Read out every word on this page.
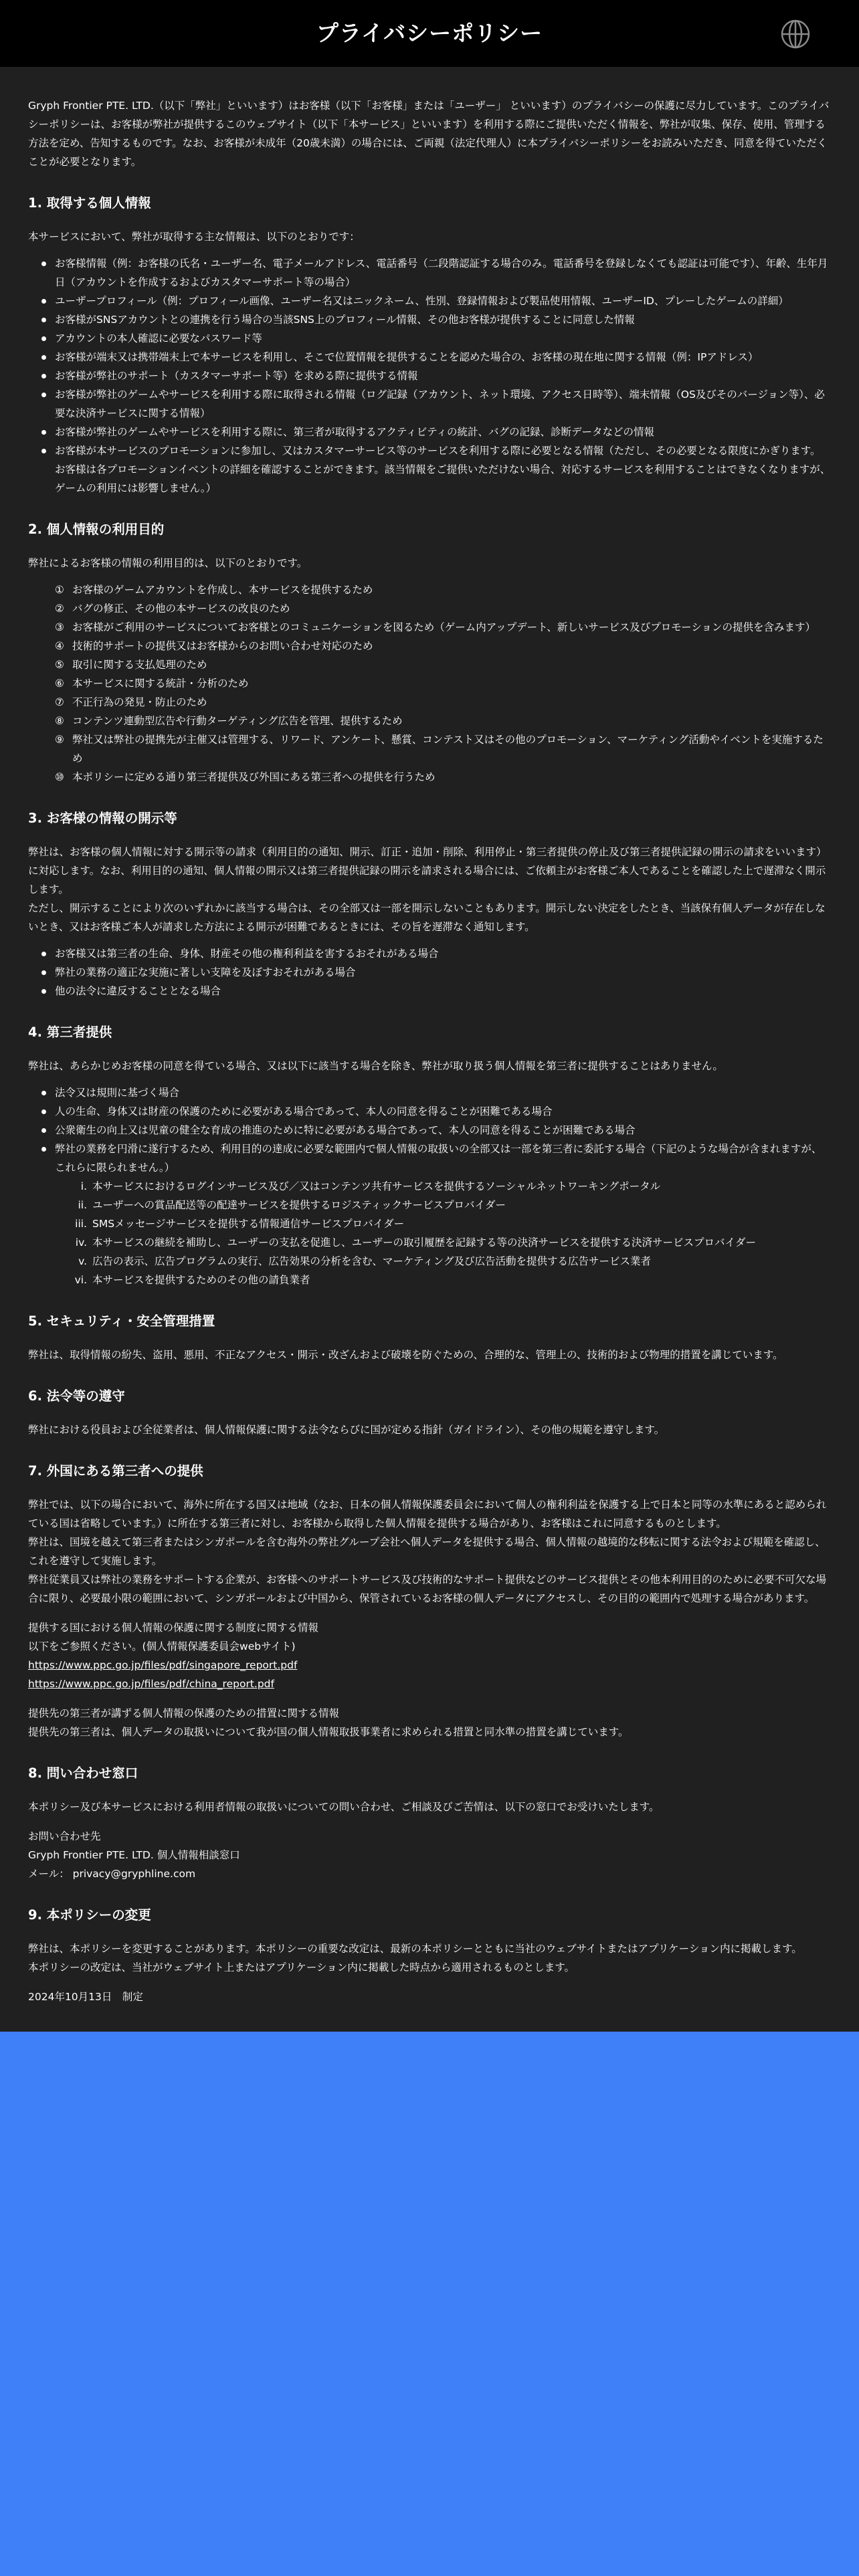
プライバシーポリシー

Gryph Frontier PTE. LTD.（以下「弊社」といいます）はお客様（以下「お客様」または「ユーザー」 といいます）のプライバシーの保護に尽力しています。このプライバシーポリシーは、お客様が弊社が提供するこのウェブサイト（以下「本サービス」といいます）を利用する際にご提供いただく情報を、弊社が収集、保存、使用、管理する方法を定め、告知するものです。なお、お客様が未成年（20歳未満）の場合には、ご両親（法定代理人）に本プライバシーポリシーをお読みいただき、同意を得ていただくことが必要となります。

1. 取得する個人情報

本サービスにおいて、弊社が取得する主な情報は、以下のとおりです：

お客様情報（例：お客様の氏名・ユーザー名、電子メールアドレス、電話番号（二段階認証する場合のみ。電話番号を登録しなくても認証は可能です）、年齢、生年月日（アカウントを作成するおよびカスタマーサポート等の場合）
ユーザープロフィール（例：プロフィール画像、ユーザー名又はニックネーム、性別、登録情報および製品使用情報、ユーザーID、プレーしたゲームの詳細）
お客様がSNSアカウントとの連携を行う場合の当該SNS上のプロフィール情報、その他お客様が提供することに同意した情報
アカウントの本人確認に必要なパスワード等
お客様が端末又は携帯端末上で本サービスを利用し、そこで位置情報を提供することを認めた場合の、お客様の現在地に関する情報（例：IPアドレス）
お客様が弊社のサポート（カスタマーサポート等）を求める際に提供する情報
お客様が弊社のゲームやサービスを利用する際に取得される情報（ログ記録（アカウント、ネット環境、アクセス日時等）、端末情報（OS及びそのバージョン等）、必要な決済サービスに関する情報）
お客様が弊社のゲームやサービスを利用する際に、第三者が取得するアクティビティの統計、バグの記録、診断データなどの情報
お客様が本サービスのプロモーションに参加し、又はカスタマーサービス等のサービスを利用する際に必要となる情報（ただし、その必要となる限度にかぎります。お客様は各プロモーションイベントの詳細を確認することができます。該当情報をご提供いただけない場合、対応するサービスを利用することはできなくなりますが、ゲームの利用には影響しません。）
2. 個人情報の利用目的

弊社によるお客様の情報の利用目的は、以下のとおりです。

① お客様のゲームアカウントを作成し、本サービスを提供するため
② バグの修正、その他の本サービスの改良のため
③ お客様がご利用のサービスについてお客様とのコミュニケーションを図るため（ゲーム内アップデート、新しいサービス及びプロモーションの提供を含みます）
④ 技術的サポートの提供又はお客様からのお問い合わせ対応のため
⑤ 取引に関する支払処理のため
⑥ 本サービスに関する統計・分析のため
⑦ 不正行為の発見・防止のため
⑧ コンテンツ連動型広告や行動ターゲティング広告を管理、提供するため
⑨ 弊社又は弊社の提携先が主催又は管理する、リワード、アンケート、懸賞、コンテスト又はその他のプロモーション、マーケティング活動やイベントを実施するため
⑩ 本ポリシーに定める通り第三者提供及び外国にある第三者への提供を行うため
3. お客様の情報の開示等

弊社は、お客様の個人情報に対する開示等の請求（利用目的の通知、開示、訂正・追加・削除、利用停止・第三者提供の停止及び第三者提供記録の開示の請求をいいます）に対応します。なお、利用目的の通知、個人情報の開示又は第三者提供記録の開示を請求される場合には、ご依頼主がお客様ご本人であることを確認した上で遅滞なく開示します。

ただし、開示することにより次のいずれかに該当する場合は、その全部又は一部を開示しないこともあります。開示しない決定をしたとき、当該保有個人データが存在しないとき、又はお客様ご本人が請求した方法による開示が困難であるときには、その旨を遅滞なく通知します。

お客様又は第三者の生命、身体、財産その他の権利利益を害するおそれがある場合
弊社の業務の適正な実施に著しい支障を及ぼすおそれがある場合
他の法令に違反することとなる場合
4. 第三者提供

弊社は、あらかじめお客様の同意を得ている場合、又は以下に該当する場合を除き、弊社が取り扱う個人情報を第三者に提供することはありません。

法令又は規則に基づく場合
人の生命、身体又は財産の保護のために必要がある場合であって、本人の同意を得ることが困難である場合
公衆衛生の向上又は児童の健全な育成の推進のために特に必要がある場合であって、本人の同意を得ることが困難である場合
弊社の業務を円滑に遂行するため、利用目的の達成に必要な範囲内で個人情報の取扱いの全部又は一部を第三者に委託する場合（下記のような場合が含まれますが、これらに限られません。）
i. 本サービスにおけるログインサービス及び／又はコンテンツ共有サービスを提供するソーシャルネットワーキングポータル
ii. ユーザーへの賞品配送等の配達サービスを提供するロジスティックサービスプロバイダー
iii. SMSメッセージサービスを提供する情報通信サービスプロバイダー
iv. 本サービスの継続を補助し、ユーザーの支払を促進し、ユーザーの取引履歴を記録する等の決済サービスを提供する決済サービスプロバイダー
v. 広告の表示、広告プログラムの実行、広告効果の分析を含む、マーケティング及び広告活動を提供する広告サービス業者
vi. 本サービスを提供するためのその他の請負業者
5. セキュリティ・安全管理措置

弊社は、取得情報の紛失、盗用、悪用、不正なアクセス・開示・改ざんおよび破壊を防ぐための、合理的な、管理上の、技術的および物理的措置を講じています。

6. 法令等の遵守

弊社における役員および全従業者は、個人情報保護に関する法令ならびに国が定める指針（ガイドライン）、その他の規範を遵守します。

7. 外国にある第三者への提供

弊社では、以下の場合において、海外に所在する国又は地域（なお、日本の個人情報保護委員会において個人の権利利益を保護する上で日本と同等の水準にあると認められている国は省略しています。）に所在する第三者に対し、お客様から取得した個人情報を提供する場合があり、お客様はこれに同意するものとします。

弊社は、国境を越えて第三者またはシンガポールを含む海外の弊社グループ会社へ個人データを提供する場合、個人情報の越境的な移転に関する法令および規範を確認し、これを遵守して実施します。

弊社従業員又は弊社の業務をサポートする企業が、お客様へのサポートサービス及び技術的なサポート提供などのサービス提供とその他本利用目的のために必要不可欠な場合に限り、必要最小限の範囲において、シンガポールおよび中国から、保管されているお客様の個人データにアクセスし、その目的の範囲内で処理する場合があります。

提供する国における個人情報の保護に関する制度に関する情報

以下をご参照ください。(個人情報保護委員会webサイト)

https://www.ppc.go.jp/files/pdf/singapore_report.pdf

https://www.ppc.go.jp/files/pdf/china_report.pdf

提供先の第三者が講ずる個人情報の保護のための措置に関する情報

提供先の第三者は、個人データの取扱いについて我が国の個人情報取扱事業者に求められる措置と同水準の措置を講じています。

8. 問い合わせ窓口

本ポリシー及び本サービスにおける利用者情報の取扱いについての問い合わせ、ご相談及びご苦情は、以下の窓口でお受けいたします。

お問い合わせ先

Gryph Frontier PTE. LTD. 個人情報相談窓口

メール： privacy@gryphline.com

9. 本ポリシーの変更

弊社は、本ポリシーを変更することがあります。本ポリシーの重要な改定は、最新の本ポリシーとともに当社のウェブサイトまたはアプリケーション内に掲載します。

本ポリシーの改定は、当社がウェブサイト上またはアプリケーション内に掲載した時点から適用されるものとします。

2024年10月13日　制定
